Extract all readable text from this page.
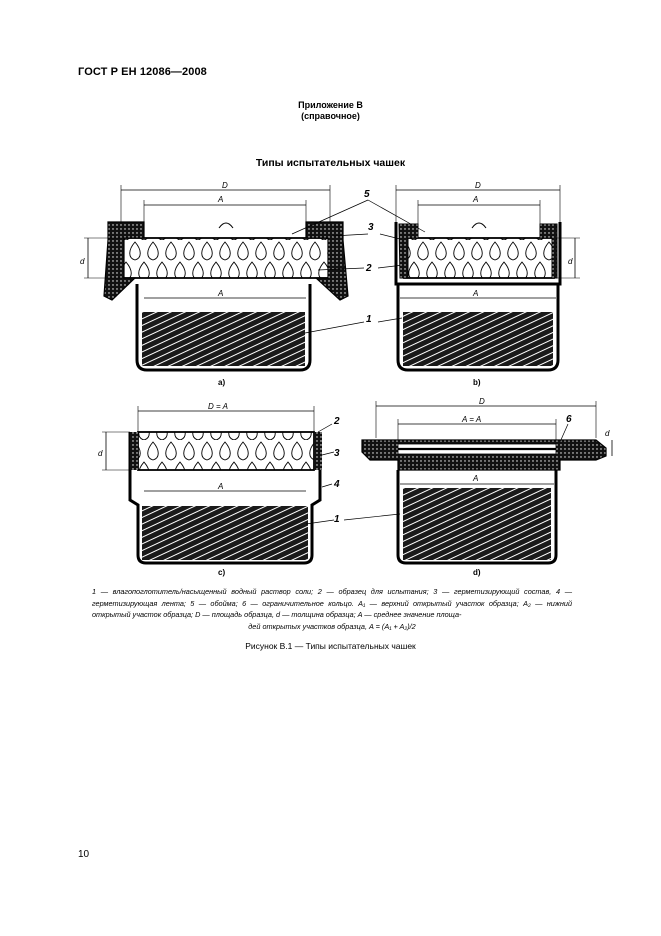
ГОСТ Р ЕН 12086—2008
Приложение В
(справочное)
Типы испытательных чашек
D
A
A
d
a)
5
3
2
1
D
A
A
d
b)
D = A
A
d
c)
2
3
4
1
D
A = A
A
6
d
d)
1 — влагопоглотитель/насыщенный водный раствор соли; 2 — образец для испытания; 3 — герметизирующий состав, 4 — герметизирующая лента; 5 — обойма; 6 — ограничительное кольцо. A₁ — верхний открытый участок образца; A₂ — нижний открытый участок образца; D — площадь образца, d — толщина образца; A — среднее значение площа-
дей открытых участков образца, A = (A₁ + A₂)/2
Рисунок В.1 — Типы испытательных чашек
10
